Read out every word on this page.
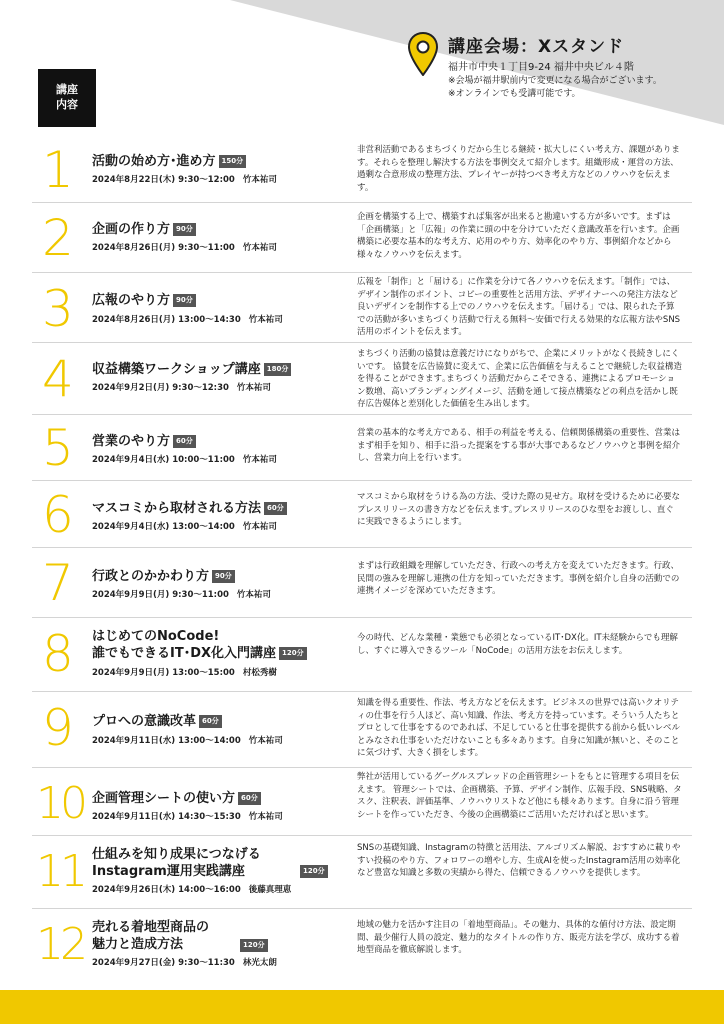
講座会場：Xスタンド
福井市中央１丁目9-24 福井中央ビル４階
※会場が福井駅前内で変更になる場合がございます。
※オンラインでも受講可能です。
講座
内容
1 活動の始め方･進め方 150分
2024年8月22日(木) 9:30～12:00 竹本祐司
非営利活動であるまちづくりだから生じる継続・拡大しにくい考え方、課題があります。それらを整理し解決する方法を事例交えて紹介します。組織形成・運営の方法、過剰な合意形成の整理方法、プレイヤーが持つべき考え方などのノウハウを伝えます。
2 企画の作り方 90分
2024年8月26日(月) 9:30～11:00 竹本祐司
企画を構築する上で、構築すれば集客が出来ると勘違いする方が多いです。まずは「企画構築」と「広報」の作業に頭の中を分けていただく意識改革を行います。企画構築に必要な基本的な考え方、応用のやり方、効率化のやり方、事例紹介などから様々なノウハウを伝えます。
3 広報のやり方 90分
2024年8月26日(月) 13:00～14:30 竹本祐司
広報を「制作」と「届ける」に作業を分けて各ノウハウを伝えます。「制作」では、デザイン制作のポイント、コピーの重要性と活用方法、デザイナーへの発注方法など良いデザインを制作する上でのノウハウを伝えます。「届ける」では、限られた予算での活動が多いまちづくり活動で行える無料～安価で行える効果的な広報方法やSNS活用のポイントを伝えます。
4 収益構築ワークショップ講座 180分
2024年9月2日(月) 9:30～12:30 竹本祐司
まちづくり活動の協賛は意義だけになりがちで、企業にメリットがなく長続きしにくいです。 協賛を広告協賛に変えて、企業に広告価値を与えることで継続した収益構造を得ることができます｡まちづくり活動だからこそできる、連携によるプロモーション数増、高いブランディングイメージ、活動を通して接点構築などの利点を活かし既存広告媒体と差別化した価値を生み出します。
5 営業のやり方 60分
2024年9月4日(水) 10:00～11:00 竹本祐司
営業の基本的な考え方である、相手の利益を考える、信頼関係構築の重要性、営業はまず相手を知り、相手に沿った提案をする事が大事であるなどノウハウと事例を紹介し、営業力向上を行います。
6 マスコミから取材される方法 60分
2024年9月4日(水) 13:00～14:00 竹本祐司
マスコミから取材をうける為の方法、受けた際の見せ方。取材を受けるために必要なプレスリリースの書き方などを伝えます｡プレスリリースのひな型をお渡しし、直ぐに実践できるようにします。
7 行政とのかかわり方 90分
2024年9月9日(月) 9:30～11:00 竹本祐司
まずは行政組織を理解していただき、行政への考え方を変えていただきます。行政、民間の強みを理解し連携の仕方を知っていただきます。事例を紹介し自身の活動での連携イメージを深めていただきます。
8 はじめてのNoCode!
誰でもできるIT･DX化入門講座 120分
2024年9月9日(月) 13:00～15:00 村松秀樹
今の時代、どんな業種・業態でも必須となっているIT･DX化。IT未経験からでも理解し、すぐに導入できるツール「NoCode」の活用方法をお伝えします。
9 プロへの意識改革 60分
2024年9月11日(水) 13:00～14:00 竹本祐司
知識を得る重要性、作法、考え方などを伝えます。ビジネスの世界では高いクオリティの仕事を行う人ほど、高い知識、作法、考え方を持っています。そういう人たちとプロとして仕事をするのであれば、不足していると仕事を提供する前から低いレベルとみなされ仕事をいただけないことも多々あります。自身に知識が無いと、そのことに気づけず、大きく損をします。
10 企画管理シートの使い方 60分
2024年9月11日(水) 14:30～15:30 竹本祐司
弊社が活用しているグーグルスプレッドの企画管理シートをもとに管理する項目を伝えます。 管理シートでは、企画構築、予算、デザイン制作、広報手段、SNS戦略、タスク、注釈表、評価基準、ノウハウリストなど他にも様々あります。自身に沿う管理シートを作っていただき、今後の企画構築にご活用いただければと思います。
11 仕組みを知り成果につなげる
Instagram運用実践講座	120分
2024年9月26日(木) 14:00～16:00 後藤真理恵
SNSの基礎知識、Instagramの特徴と活用法、アルゴリズム解説、おすすめに載りやすい投稿のやり方、フォロワーの増やし方、生成AIを使ったInstagram活用の効率化など豊富な知識と多数の実績から得た、信頼できるノウハウを提供します。
12 売れる着地型商品の
魅力と造成方法	120分
2024年9月27日(金) 9:30～11:30 林光太朗
地域の魅力を活かす注目の「着地型商品」。その魅力、具体的な値付け方法、設定期間、最少催行人員の設定、魅力的なタイトルの作り方、販売方法を学び、成功する着地型商品を徹底解説します。
